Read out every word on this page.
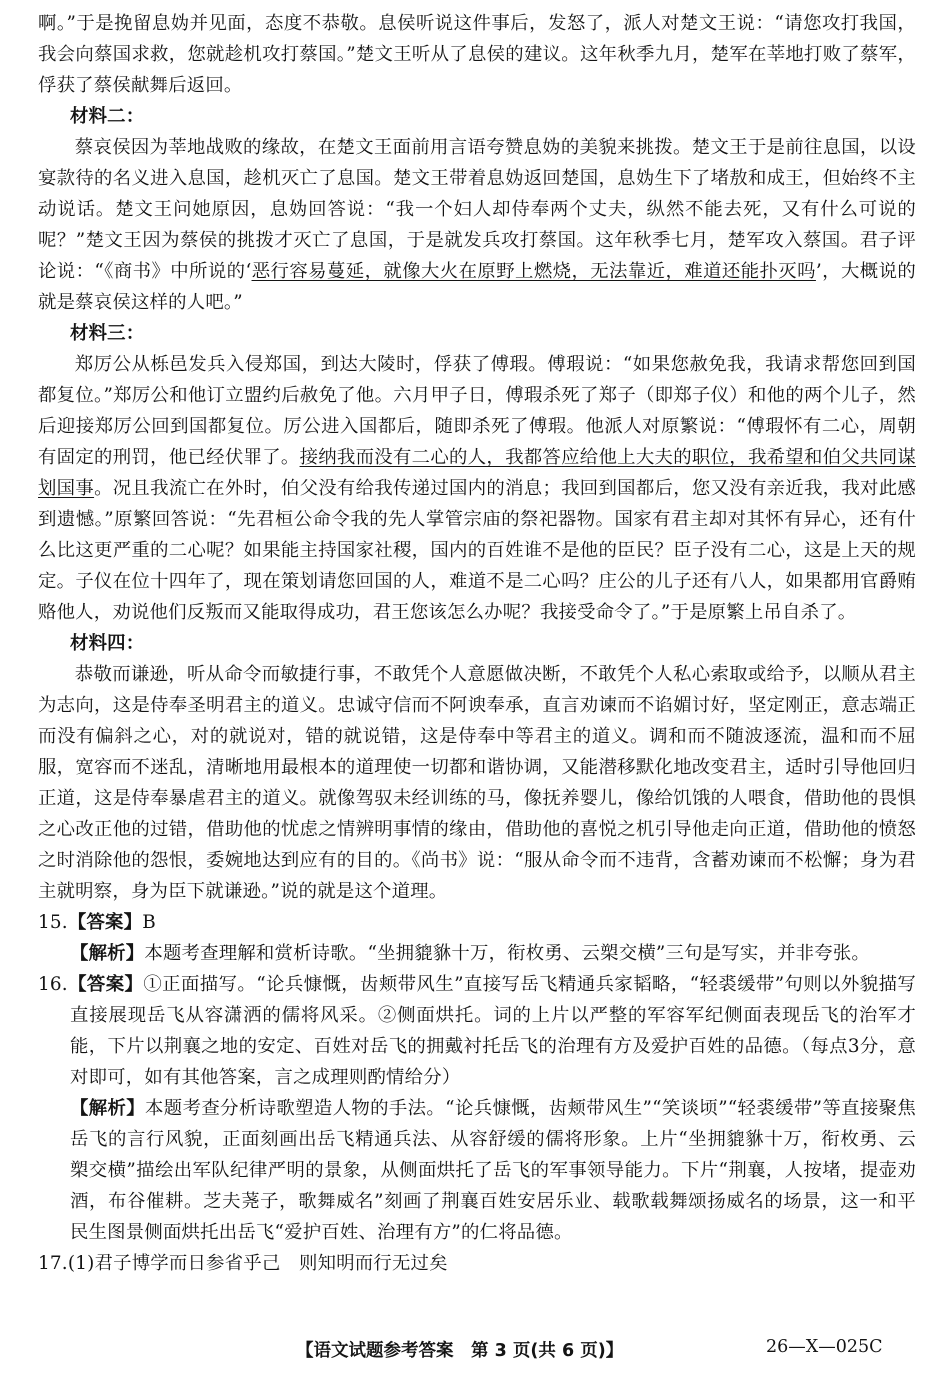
啊。”于是挽留息妫并见面，态度不恭敬。息侯听说这件事后，发怒了，派人对楚文王说：“请您攻打我国，我会向蔡国求救，您就趁机攻打蔡国。”楚文王听从了息侯的建议。这年秋季九月，楚军在莘地打败了蔡军，俘获了蔡侯献舞后返回。

材料二：

蔡哀侯因为莘地战败的缘故，在楚文王面前用言语夸赞息妫的美貌来挑拨。楚文王于是前往息国，以设宴款待的名义进入息国，趁机灭亡了息国。楚文王带着息妫返回楚国，息妫生下了堵敖和成王，但始终不主动说话。楚文王问她原因，息妫回答说：“我一个妇人却侍奉两个丈夫，纵然不能去死，又有什么可说的呢？”楚文王因为蔡侯的挑拨才灭亡了息国，于是就发兵攻打蔡国。这年秋季七月，楚军攻入蔡国。君子评论说：“《商书》中所说的‘恶行容易蔓延，就像大火在原野上燃烧，无法靠近，难道还能扑灭吗’，大概说的就是蔡哀侯这样的人吧。”

材料三：

郑厉公从栎邑发兵入侵郑国，到达大陵时，俘获了傅瑕。傅瑕说：“如果您赦免我，我请求帮您回到国都复位。”郑厉公和他订立盟约后赦免了他。六月甲子日，傅瑕杀死了郑子（即郑子仪）和他的两个儿子，然后迎接郑厉公回到国都复位。厉公进入国都后，随即杀死了傅瑕。他派人对原繁说：“傅瑕怀有二心，周朝有固定的刑罚，他已经伏罪了。接纳我而没有二心的人，我都答应给他上大夫的职位，我希望和伯父共同谋划国事。况且我流亡在外时，伯父没有给我传递过国内的消息；我回到国都后，您又没有亲近我，我对此感到遗憾。”原繁回答说：“先君桓公命令我的先人掌管宗庙的祭祀器物。国家有君主却对其怀有异心，还有什么比这更严重的二心呢？如果能主持国家社稷，国内的百姓谁不是他的臣民？臣子没有二心，这是上天的规定。子仪在位十四年了，现在策划请您回国的人，难道不是二心吗？庄公的儿子还有八人，如果都用官爵贿赂他人，劝说他们反叛而又能取得成功，君王您该怎么办呢？我接受命令了。”于是原繁上吊自杀了。

材料四：

恭敬而谦逊，听从命令而敏捷行事，不敢凭个人意愿做决断，不敢凭个人私心索取或给予，以顺从君主为志向，这是侍奉圣明君主的道义。忠诚守信而不阿谀奉承，直言劝谏而不谄媚讨好，坚定刚正，意志端正而没有偏斜之心，对的就说对，错的就说错，这是侍奉中等君主的道义。调和而不随波逐流，温和而不屈服，宽容而不迷乱，清晰地用最根本的道理使一切都和谐协调，又能潜移默化地改变君主，适时引导他回归正道，这是侍奉暴虐君主的道义。就像驾驭未经训练的马，像抚养婴儿，像给饥饿的人喂食，借助他的畏惧之心改正他的过错，借助他的忧虑之情辨明事情的缘由，借助他的喜悦之机引导他走向正道，借助他的愤怒之时消除他的怨恨，委婉地达到应有的目的。《尚书》说：“服从命令而不违背，含蓄劝谏而不松懈；身为君主就明察，身为臣下就谦逊。”说的就是这个道理。

15.【答案】B

【解析】本题考查理解和赏析诗歌。“坐拥貔貅十万，衔枚勇、云槊交横”三句是写实，并非夸张。

16.【答案】①正面描写。“论兵慷慨，齿颊带风生”直接写岳飞精通兵家韬略，“轻裘缓带”句则以外貌描写直接展现岳飞从容潇洒的儒将风采。②侧面烘托。词的上片以严整的军容军纪侧面表现岳飞的治军才能，下片以荆襄之地的安定、百姓对岳飞的拥戴衬托岳飞的治理有方及爱护百姓的品德。（每点3分，意对即可，如有其他答案，言之成理则酌情给分）

【解析】本题考查分析诗歌塑造人物的手法。“论兵慷慨，齿颊带风生”“笑谈顷”“轻裘缓带”等直接聚焦岳飞的言行风貌，正面刻画出岳飞精通兵法、从容舒缓的儒将形象。上片“坐拥貔貅十万，衔枚勇、云槊交横”描绘出军队纪律严明的景象，从侧面烘托了岳飞的军事领导能力。下片“荆襄，人按堵，提壶劝酒，布谷催耕。芝夫荛子，歌舞威名”刻画了荆襄百姓安居乐业、载歌载舞颂扬威名的场景，这一和平民生图景侧面烘托出岳飞“爱护百姓、治理有方”的仁将品德。

17.(1)君子博学而日参省乎己　则知明而行无过矣

【语文试题参考答案　第 3 页(共 6 页)】	26—X—025C
